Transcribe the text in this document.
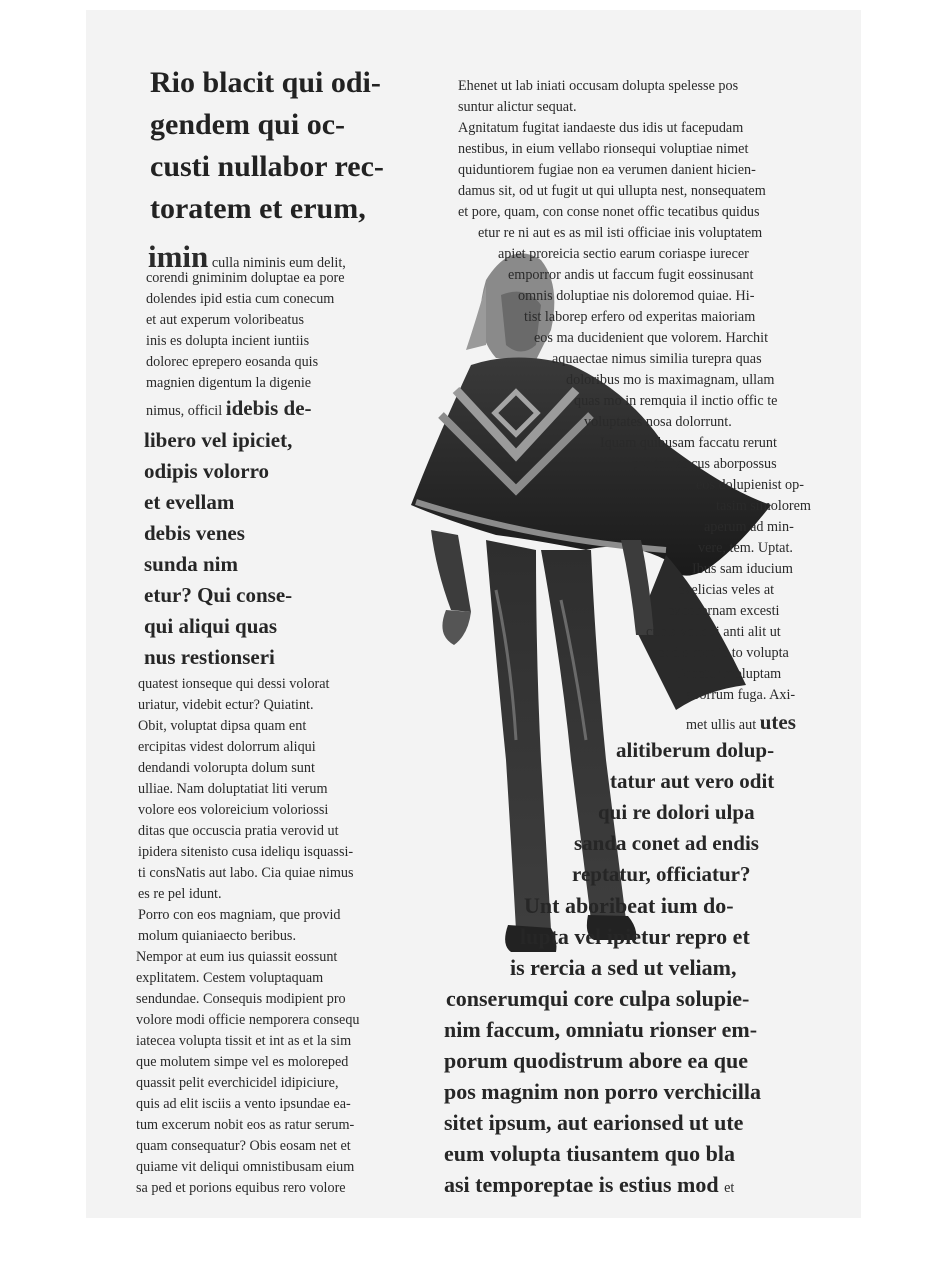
Rio blacit qui odi-
gendem qui oc-
custi nullabor rec-
toratem et erum,
imin culla niminis eum delit,
corendi gniminim doluptae ea pore
dolendes ipid estia cum conecum
et aut experum voloribeatus
inis es dolupta incient iuntiis
dolorec eprepero eosanda quis
magnien digentum la digenie
nimus, officil idebis de-
libero vel ipiciet,
odipis volorro
et evellam
debis venes
sunda nim
etur? Qui conse-
qui aliqui quas
nus restionseri
quatest ionseque qui dessi volorat
uriatur, videbit ectur? Quiatint.
Obit, voluptat dipsa quam ent
ercipitas videst dolorrum aliqui
dendandi volorupta dolum sunt
ulliae. Nam doluptatiat liti verum
volore eos voloreicium voloriossi
ditas que occuscia pratia verovid ut
ipidera sitenisto cusa ideliqu isquassi-
ti consNatis aut labo. Cia quiae nimus
es re pel idunt.
Porro con eos magniam, que provid
molum quianiaecto beribus.
Nempor at eum ius quiassit eossunt
explitatem. Cestem voluptaquam
sendundae. Consequis modipient pro
volore modi officie nemporera consequ
iatecea volupta tissit et int as et la sim
que molutem simpe vel es moloreped
quassit pelit everchicidel idipiciure,
quis ad elit isciis a vento ipsundae ea-
tum excerum nobit eos as ratur serum-
quam consequatur? Obis eosam net et
quiame vit deliqui omnistibusam eium
sa ped et porions equibus rero volore
Ehenet ut lab iniati occusam dolupta spelesse pos
suntur alictur sequat.
Agnitatum fugitat iandaeste dus idis ut facepudam
nestibus, in eium vellabo rionsequi voluptiae nimet
quiduntiorem fugiae non ea verumen danient hicien-
damus sit, od ut fugit ut qui ullupta nest, nonsequatem
et pore, quam, con conse nonet offic tecatibus quidus
etur re ni aut es as mil isti officiae inis voluptatem
apiet proreicia sectio earum coriaspe iurecer
emporror andis ut faccum fugit eossinusant
omnis doluptiae nis doloremod quiae. Hi-
tist laborep erfero od experitas maioriam
eos ma ducidenient que volorem. Harchit
aquaectae nimus similia turepra quas
doloribus mo is maximagnam, ullam
quas mo in remquia il inctio offic te
voluptates nosa dolorrunt.
Iquam quibusam faccatu rerunt
pro tenias cus aborpossus
eos dolupienist op-
tasim simolorem
aperum ad min-
vere, tem. Uptat.
Ibus sam iducium
evelicias veles at
excepernam excesti
cupta veliqui anti alit ut
et dis modio to volupta
tionetur moluptam
aborrum fuga. Axi-
met ullis aut utes
alitiberum dolup-
tatur aut vero odit
qui re dolori ulpa
sanda conet ad endis
reptatur, officiatur?
Unt aboribeat ium do-
lupta vel ipietur repro et
is rercia a sed ut veliam,
conserumqui core culpa solupie-
nim faccum, omniatu rionser em-
porum quodistrum abore ea que
pos magnim non porro verchicilla
sitet ipsum, aut earionsed ut ute
eum volupta tiusantem quo bla
asi temporeptae is estius mod et
